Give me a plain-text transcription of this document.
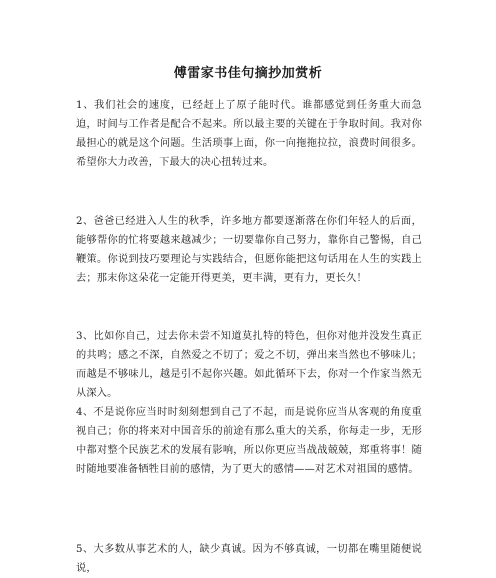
傅雷家书佳句摘抄加赏析

1、我们社会的速度，已经赶上了原子能时代。谁都感觉到任务重大而急迫，时间与工作者是配合不起来。所以最主要的关键在于争取时间。我对你最担心的就是这个问题。生活琐事上面，你一向拖拖拉拉，浪费时间很多。希望你大力改善，下最大的决心扭转过来。

2、爸爸已经进入人生的秋季，许多地方都要逐渐落在你们年轻人的后面，能够帮你的忙将要越来越减少；一切要靠你自己努力，靠你自己警惕，自己鞭策。你说到技巧要理论与实践结合，但愿你能把这句话用在人生的实践上去；那末你这朵花一定能开得更美，更丰满，更有力，更长久！

3、比如你自己，过去你未尝不知道莫扎特的特色，但你对他并没发生真正的共鸣；感之不深，自然爱之不切了；爱之不切，弹出来当然也不够味儿；而越是不够味儿，越是引不起你兴趣。如此循环下去，你对一个作家当然无从深入。

4、不是说你应当时时刻刻想到自己了不起，而是说你应当从客观的角度重视自己；你的将来对中国音乐的前途有那么重大的关系，你每走一步，无形中都对整个民族艺术的发展有影响，所以你更应当战战兢兢，郑重将事！随时随地要准备牺牲目前的感情，为了更大的感情——对艺术对祖国的感情。

5、大多数从事艺术的人，缺少真诚。因为不够真诚，一切都在嘴里随便说说，
